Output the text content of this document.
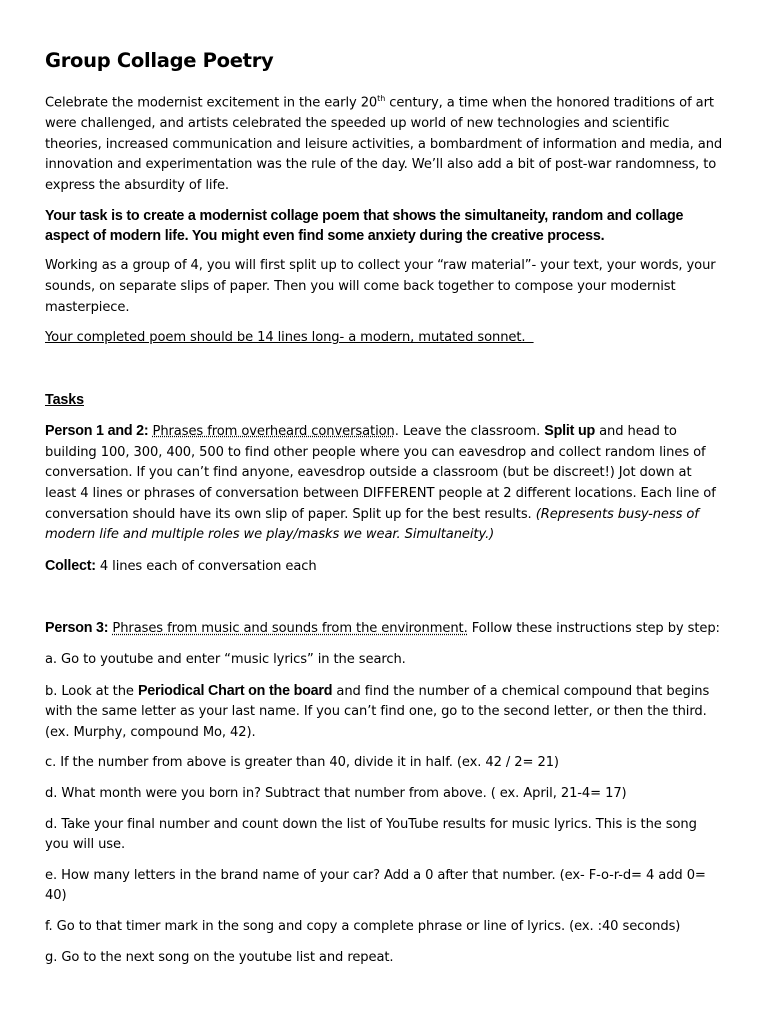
Group Collage Poetry

Celebrate the modernist excitement in the early 20th century, a time when the honored traditions of art were challenged, and artists celebrated the speeded up world of new technologies and scientific theories, increased communication and leisure activities, a bombardment of information and media, and innovation and experimentation was the rule of the day. We’ll also add a bit of post-war randomness, to express the absurdity of life.

Your task is to create a modernist collage poem that shows the simultaneity, random and collage aspect of modern life. You might even find some anxiety during the creative process.

Working as a group of 4, you will first split up to collect your “raw material”- your text, your words, your sounds, on separate slips of paper. Then you will come back together to compose your modernist masterpiece.

Your completed poem should be 14 lines long- a modern, mutated sonnet.

Tasks

Person 1 and 2: Phrases from overheard conversation. Leave the classroom. Split up and head to building 100, 300, 400, 500 to find other people where you can eavesdrop and collect random lines of conversation. If you can’t find anyone, eavesdrop outside a classroom (but be discreet!) Jot down at least 4 lines or phrases of conversation between DIFFERENT people at 2 different locations. Each line of conversation should have its own slip of paper. Split up for the best results. (Represents busy-ness of modern life and multiple roles we play/masks we wear. Simultaneity.)

Collect: 4 lines each of conversation each

Person 3: Phrases from music and sounds from the environment. Follow these instructions step by step:

a. Go to youtube and enter “music lyrics” in the search.

b. Look at the Periodical Chart on the board and find the number of a chemical compound that begins with the same letter as your last name. If you can’t find one, go to the second letter, or then the third. (ex. Murphy, compound Mo, 42).

c. If the number from above is greater than 40, divide it in half. (ex. 42 / 2= 21)

d. What month were you born in? Subtract that number from above. ( ex. April, 21-4= 17)

d. Take your final number and count down the list of YouTube results for music lyrics. This is the song you will use.

e. How many letters in the brand name of your car? Add a 0 after that number. (ex- F-o-r-d= 4 add 0= 40)

f. Go to that timer mark in the song and copy a complete phrase or line of lyrics. (ex. :40 seconds)

g. Go to the next song on the youtube list and repeat.
